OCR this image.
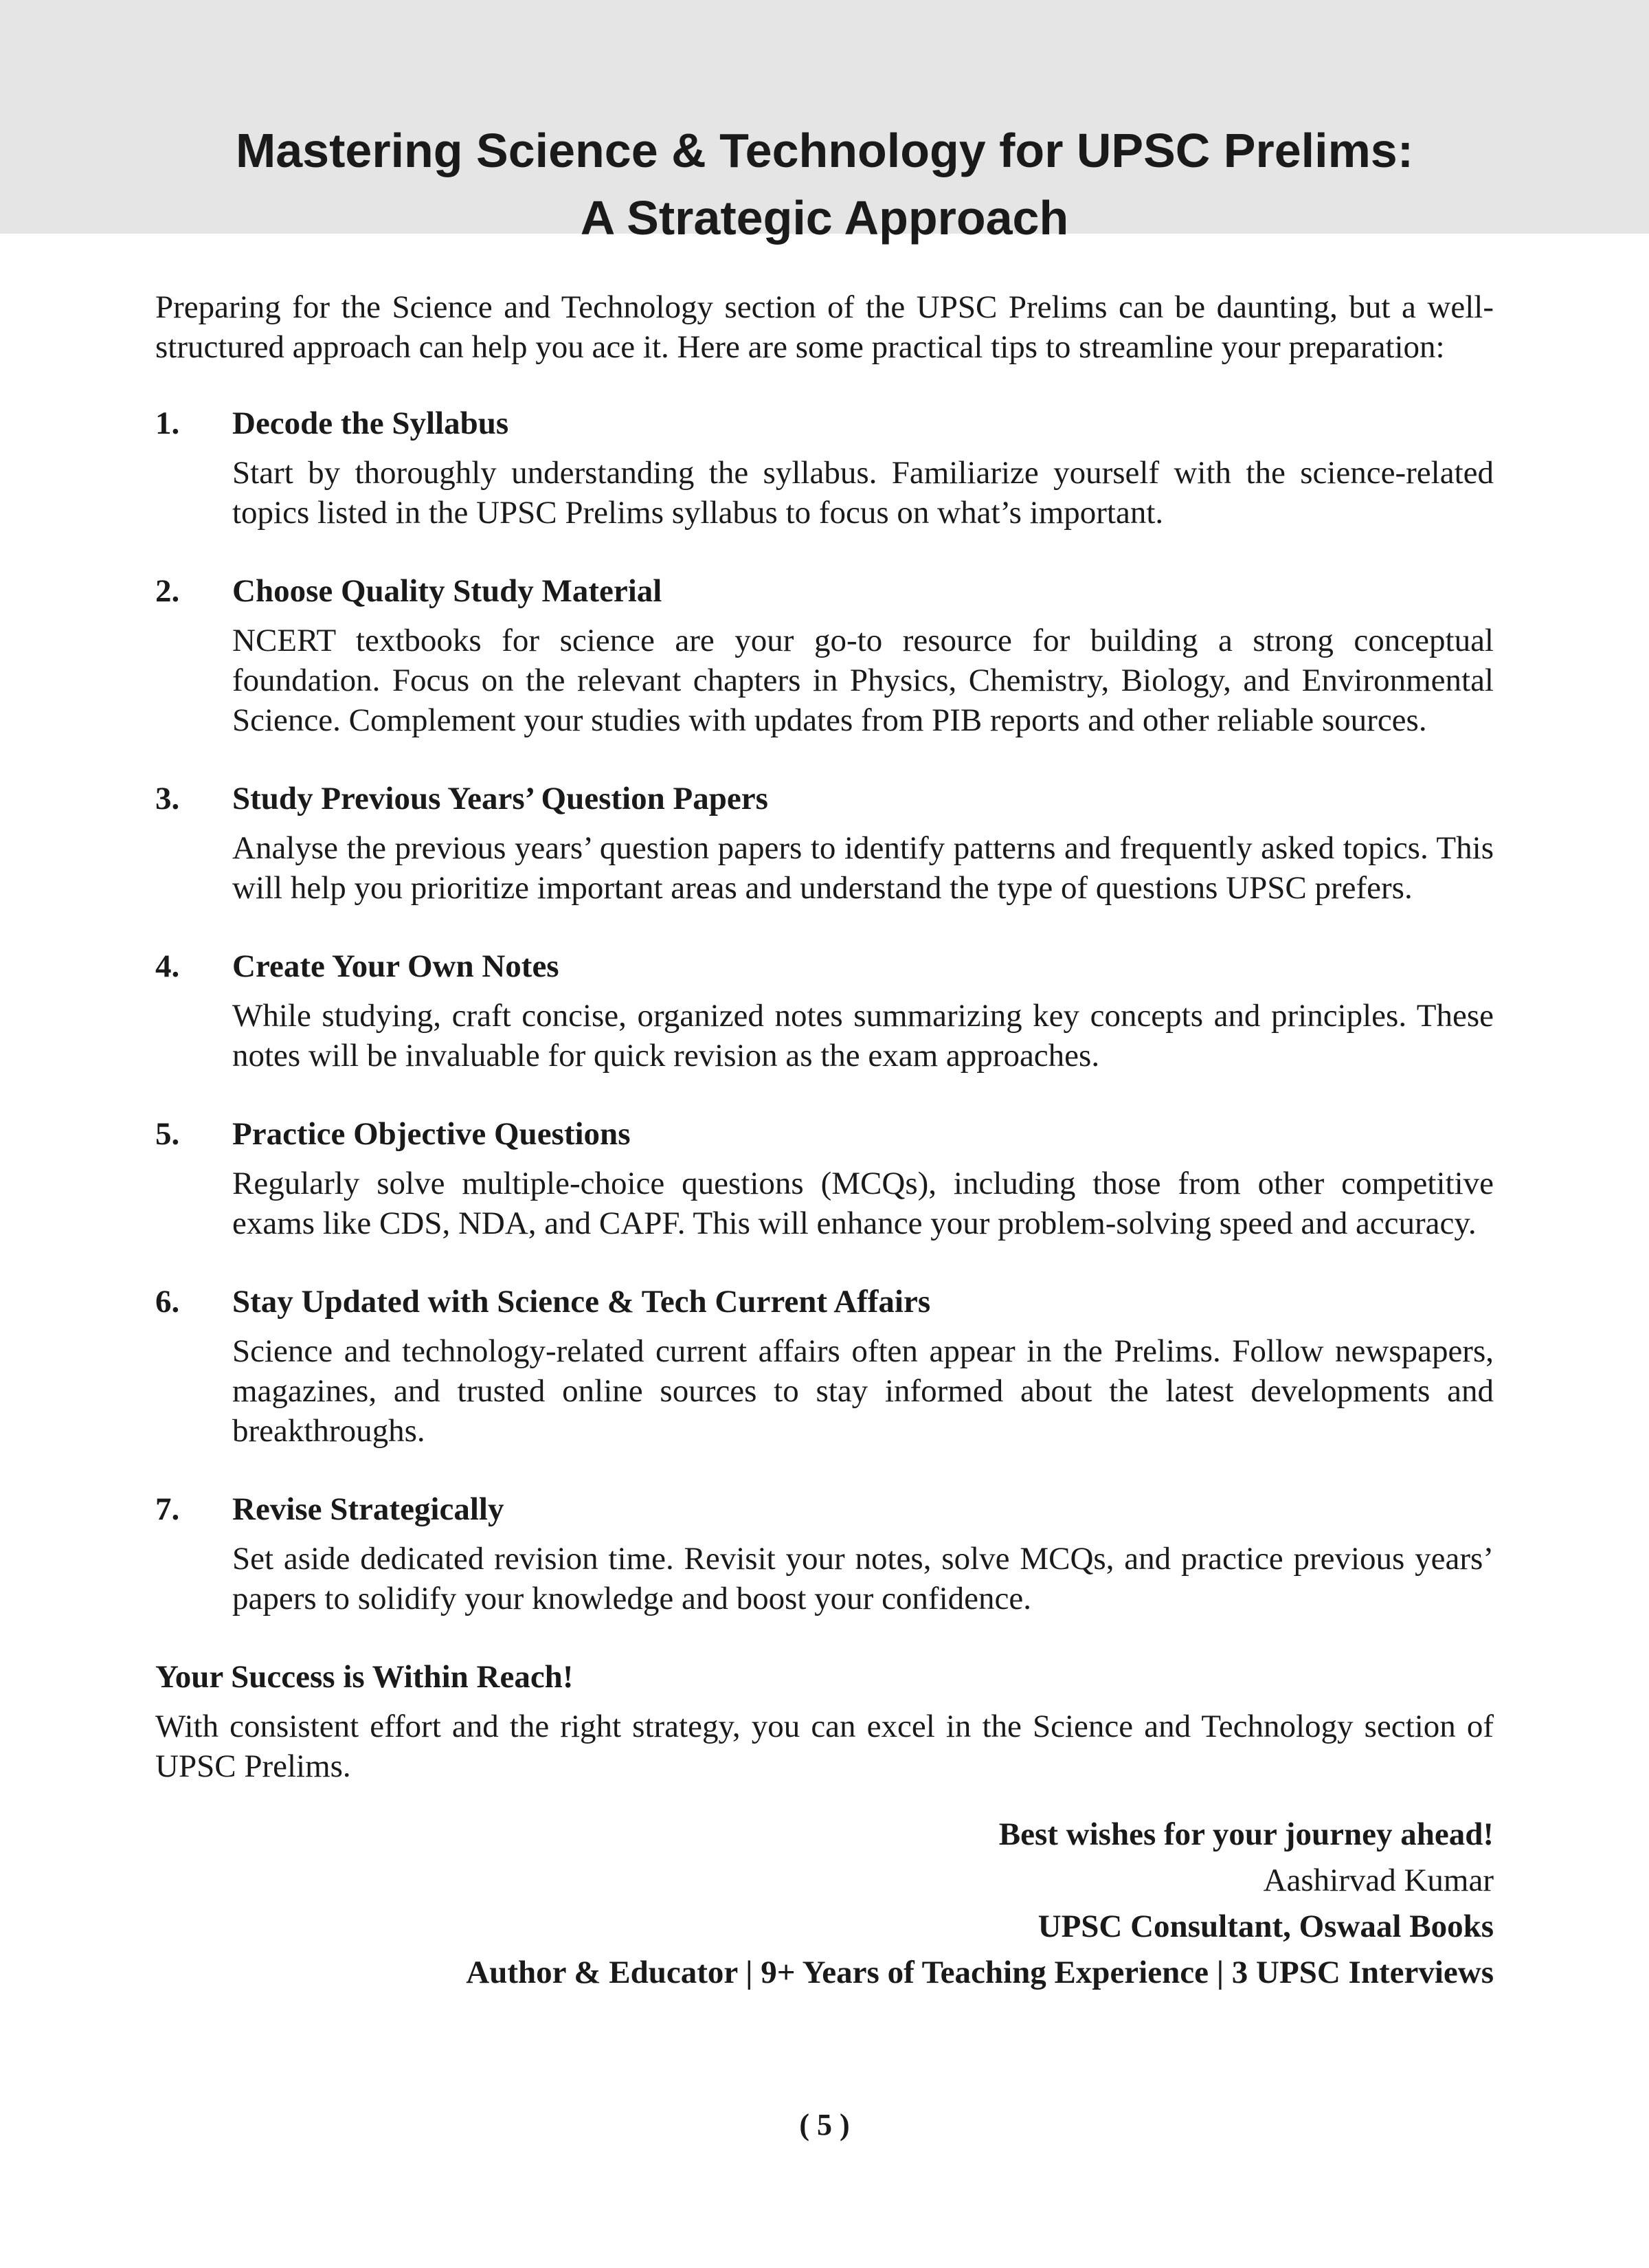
Mastering Science & Technology for UPSC Prelims:
A Strategic Approach

Preparing for the Science and Technology section of the UPSC Prelims can be daunting, but a well-structured approach can help you ace it. Here are some practical tips to streamline your preparation:

1. Decode the Syllabus

Start by thoroughly understanding the syllabus. Familiarize yourself with the science-related topics listed in the UPSC Prelims syllabus to focus on what’s important.

2. Choose Quality Study Material

NCERT textbooks for science are your go-to resource for building a strong conceptual foundation. Focus on the relevant chapters in Physics, Chemistry, Biology, and Environmental Science. Complement your studies with updates from PIB reports and other reliable sources.

3. Study Previous Years’ Question Papers

Analyse the previous years’ question papers to identify patterns and frequently asked topics. This will help you prioritize important areas and understand the type of questions UPSC prefers.

4. Create Your Own Notes

While studying, craft concise, organized notes summarizing key concepts and principles. These notes will be invaluable for quick revision as the exam approaches.

5. Practice Objective Questions

Regularly solve multiple-choice questions (MCQs), including those from other competitive exams like CDS, NDA, and CAPF. This will enhance your problem-solving speed and accuracy.

6. Stay Updated with Science & Tech Current Affairs

Science and technology-related current affairs often appear in the Prelims. Follow newspapers, magazines, and trusted online sources to stay informed about the latest developments and breakthroughs.

7. Revise Strategically

Set aside dedicated revision time. Revisit your notes, solve MCQs, and practice previous years’ papers to solidify your knowledge and boost your confidence.

Your Success is Within Reach!

With consistent effort and the right strategy, you can excel in the Science and Technology section of UPSC Prelims.

Best wishes for your journey ahead!
Aashirvad Kumar
UPSC Consultant, Oswaal Books
Author & Educator | 9+ Years of Teaching Experience | 3 UPSC Interviews
( 5 )
